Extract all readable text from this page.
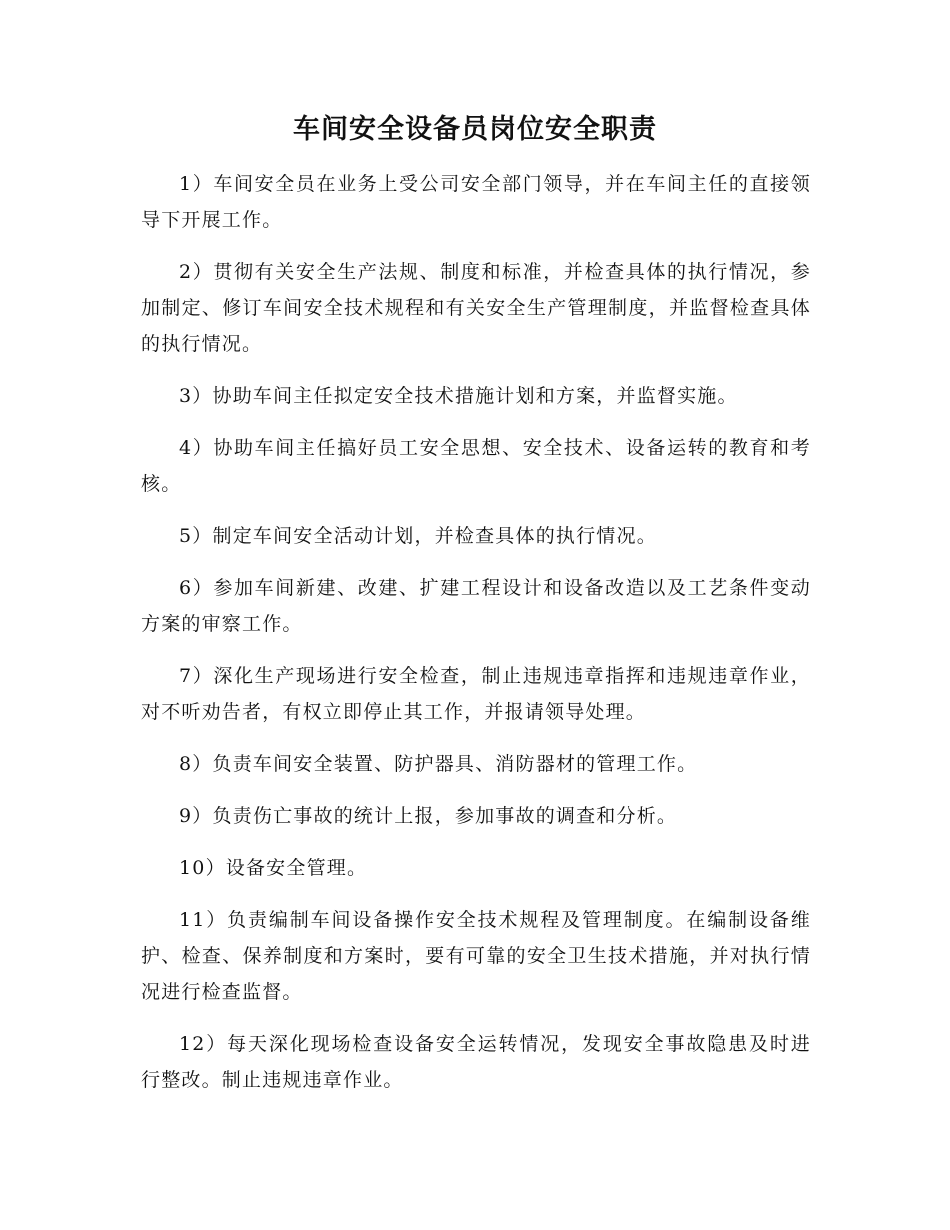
车间安全设备员岗位安全职责

1）车间安全员在业务上受公司安全部门领导，并在车间主任的直接领导下开展工作。

2）贯彻有关安全生产法规、制度和标准，并检查具体的执行情况，参加制定、修订车间安全技术规程和有关安全生产管理制度，并监督检查具体的执行情况。

3）协助车间主任拟定安全技术措施计划和方案，并监督实施。

4）协助车间主任搞好员工安全思想、安全技术、设备运转的教育和考核。

5）制定车间安全活动计划，并检查具体的执行情况。

6）参加车间新建、改建、扩建工程设计和设备改造以及工艺条件变动方案的审察工作。

7）深化生产现场进行安全检查，制止违规违章指挥和违规违章作业，对不听劝告者，有权立即停止其工作，并报请领导处理。

8）负责车间安全装置、防护器具、消防器材的管理工作。

9）负责伤亡事故的统计上报，参加事故的调查和分析。

10）设备安全管理。

11）负责编制车间设备操作安全技术规程及管理制度。在编制设备维护、检查、保养制度和方案时，要有可靠的安全卫生技术措施，并对执行情况进行检查监督。

12）每天深化现场检查设备安全运转情况，发现安全事故隐患及时进行整改。制止违规违章作业。
